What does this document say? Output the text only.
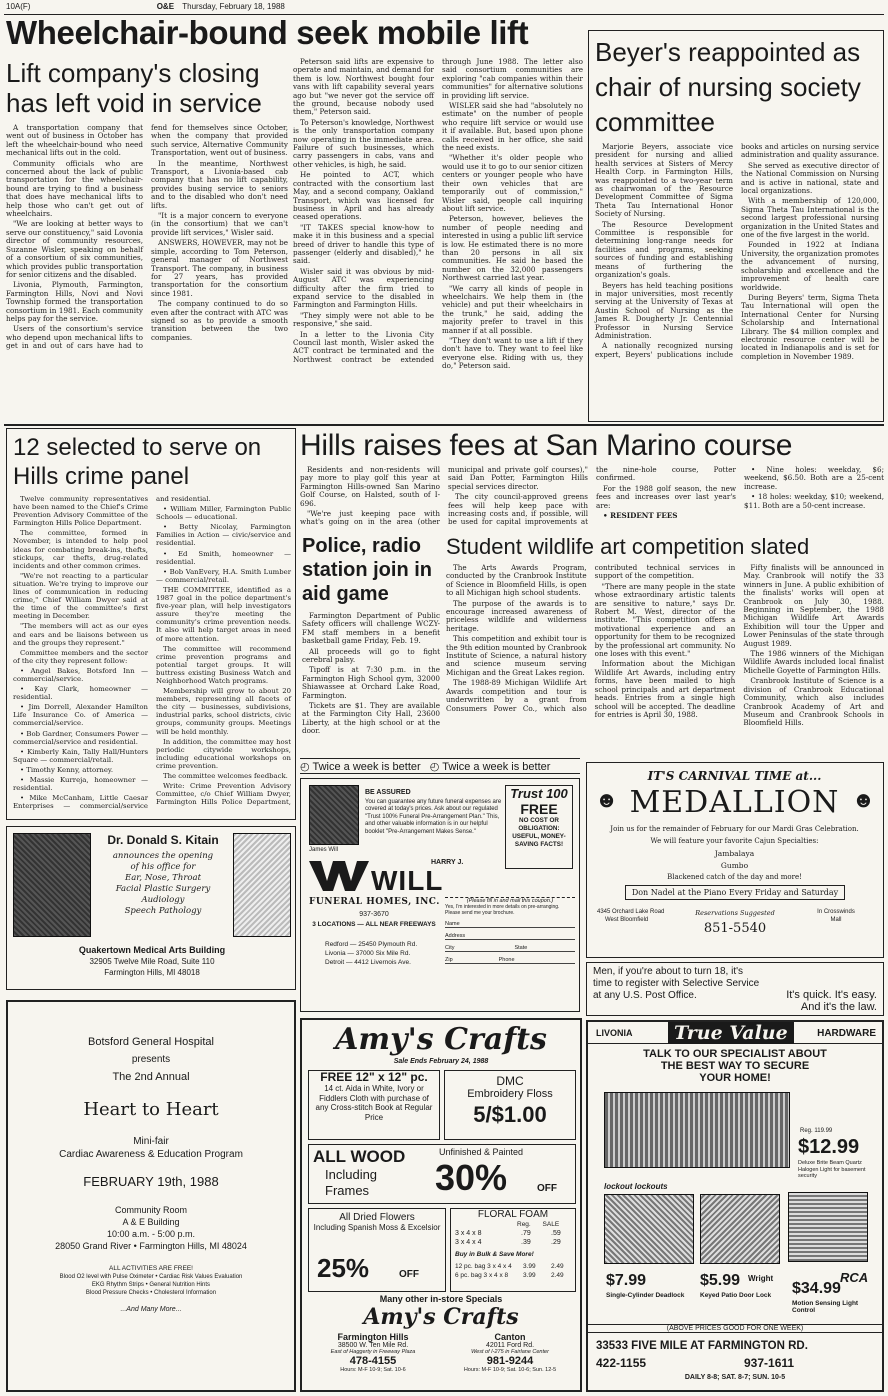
10A(F)	O&E Thursday, February 18, 1988
Wheelchair-bound seek mobile lift
Lift company's closing has left void in service

A transportation company that went out of business in October has left the wheelchair-bound who need mechanical lifts out in the cold.

Community officials who are concerned about the lack of public transportation for the wheelchair-bound are trying to find a business that does have mechanical lifts to help those who can't get out of wheelchairs.

"We are looking at better ways to serve our constituency," said Lovonia director of community resources, Suzanne Wisler, speaking on behalf of a consortium of six communities, which provides public transportation for senior citizens and the disabled.

Livonia, Plymouth, Farmington, Farmington Hills, Novi and Novi Township formed the transportation consortium in 1981. Each community helps pay for the service.

Users of the consortium's service who depend upon mechanical lifts to get in and out of cars have had to fend for themselves since October, when the company that provided such service, Alternative Community Transportation, went out of business.

In the meantime, Northwest Transport, a Livonia-based cab company that has no lift capability, provides busing service to seniors and to the disabled who don't need lifts.

"It is a major concern to everyone (in the consortium) that we can't provide lift services," Wisler said.

ANSWERS, HOWEVER, may not be simple, according to Tom Peterson, general manager of Northwest Transport. The company, in business for 27 years, has provided transportation for the consortium since 1981.

The company continued to do so even after the contract with ATC was signed so as to provide a smooth transition between the two companies.

Peterson said lifts are expensive to operate and maintain, and demand for them is low. Northwest bought four vans with lift capability several years ago but "we never got the service off the ground, because nobody used them," Peterson said.

To Peterson's knowledge, Northwest is the only transportation company now operating in the immediate area. Failure of such businesses, which carry passengers in cabs, vans and other vehicles, is high, he said.

He pointed to ACT, which contracted with the consortium last May, and a second company, Oakland Transport, which was licensed for business in April and has already ceased operations.

"IT TAKES special know-how to make it in this business and a special breed of driver to handle this type of passenger (elderly and disabled)," he said.

Wisler said it was obvious by mid-August ATC was experiencing difficulty after the firm tried to expand service to the disabled in Farmington and Farmington Hills.

"They simply were not able to be responsive," she said.

In a letter to the Livonia City Council last month, Wisler asked the ACT contract be terminated and the Northwest contract be extended through June 1988. The letter also said consortium communities are exploring "cab companies within their communities" for alternative solutions in providing lift service.

WISLER said she had "absolutely no estimate" on the number of people who require lift service or would use it if available. But, based upon phone calls received in her office, she said the need exists.

"Whether it's older people who would use it to go to our senior citizen centers or younger people who have their own vehicles that are temporarily out of commission," Wisler said, people call inquiring about lift service.

Peterson, however, believes the number of people needing and interested in using a public lift service is low. He estimated there is no more than 20 persons in all six communities. He said he based the number on the 32,000 passengers Northwest carried last year.

"We carry all kinds of people in wheelchairs. We help them in (the vehicle) and put their wheelchairs in the trunk," he said, adding the majority prefer to travel in this manner if at all possible.

"They don't want to use a lift if they don't have to. They want to feel like everyone else. Riding with us, they do," Peterson said.

Beyer's reappointed as chair of nursing society committee

Marjorie Beyers, associate vice president for nursing and allied health services at Sisters of Mercy Health Corp. in Farmington Hills, was reappointed to a two-year term as chairwoman of the Resource Development Committee of Sigma Theta Tau International Honor Society of Nursing.

The Resource Development Committee is responsible for determining long-range needs for facilities and programs, seeking sources of funding and establishing means of furthering the organization's goals.

Beyers has held teaching positions in major universities, most recently serving at the University of Texas at Austin School of Nursing as the James R. Dougherty Jr. Centennial Professor in Nursing Service Administration.

A nationally recognized nursing expert, Beyers' publications include books and articles on nursing service administration and quality assurance.

She served as executive director of the National Commission on Nursing and is active in national, state and local organizations.

With a membership of 120,000, Sigma Theta Tau International is the second largest professional nursing organization in the United States and one of the five largest in the world.

Founded in 1922 at Indiana University, the organization promotes the advancement of nursing, scholarship and excellence and the improvement of health care worldwide.

During Beyers' term, Sigma Theta Tau International will open the International Center for Nursing Scholarship and International Library. The $4 million complex and electronic resource center will be located in Indianapolis and is set for completion in November 1989.

12 selected to serve on Hills crime panel

Twelve community representatives have been named to the Chief's Crime Prevention Advisory Committee of the Farmington Hills Police Department.

The committee, formed in November, is intended to help pool ideas for combating break-ins, thefts, stickups, car thefts, drug-related incidents and other common crimes.

"We're not reacting to a particular situation. We're trying to improve our lines of communication in reducing crime," Chief William Dwyer said at the time of the committee's first meeting in December.

"The members will act as our eyes and ears and be liaisons between us and the groups they represent."

Committee members and the sector of the city they represent follow:

• Angel Bakes, Botsford Inn — commercial/service.

• Kay Clark, homeowner — residential.

• Jim Dorrell, Alexander Hamilton Life Insurance Co. of America — commercial/service.

• Bob Gardner, Consumers Power — commercial/service and residential.

• Kimberly Kain, Tally Hall/Hunters Square — commercial/retail.

• Timothy Kenny, attorney.

• Massie Kurreja, homeowner — residential.

• Mike McCanham, Little Caesar Enterprises — commercial/service and residential.

• William Miller, Farmington Public Schools — educational.

• Betty Nicolay, Farmington Families in Action — civic/service and residential.

• Ed Smith, homeowner — residential.

• Bob VanEvery, H.A. Smith Lumber — commercial/retail.

THE COMMITTEE, identified as a 1987 goal in the police department's five-year plan, will help investigators assure they're meeting the community's crime prevention needs. It also will help target areas in need of more attention.

The committee will recommend crime prevention programs and potential target groups. It will buttress existing Business Watch and Neighborhood Watch programs.

Membership will grow to about 20 members, representing all facets of the city — businesses, subdivisions, industrial parks, school districts, civic groups, community groups. Meetings will be held monthly.

In addition, the committee may host periodic citywide workshops, including educational workshops on crime prevention.

The committee welcomes feedback.

Write: Crime Prevention Advisory Committee, c/o Chief William Dwyer, Farmington Hills Police Department,

Hills raises fees at San Marino course

Residents and non-residents will pay more to play golf this year at Farmington Hills-owned San Marino Golf Course, on Halsted, south of I-696.

"We're just keeping pace with what's going on in the area (other municipal and private golf courses)," said Dan Potter, Farmington Hills special services director.

The city council-approved greens fees will help keep pace with increasing costs and, if possible, will be used for capital improvements at the nine-hole course, Potter confirmed.

For the 1988 golf season, the new fees and increases over last year's are:

• RESIDENT FEES

• Nine holes: weekday, $6; weekend, $6.50. Both are a 25-cent increase.

• 18 holes: weekday, $10; weekend, $11. Both are a 50-cent increase.

Police, radio station join in aid game

Farmington Department of Public Safety officers will challenge WCZY-FM staff members in a benefit basketball game Friday, Feb. 19.

All proceeds will go to fight cerebral palsy.

Tipoff is at 7:30 p.m. in the Farmington High School gym, 32000 Shiawassee at Orchard Lake Road, Farmington.

Tickets are $1. They are available at the Farmington City Hall, 23600 Liberty, at the high school or at the door.

Student wildlife art competition slated

The Arts Awards Program, conducted by the Cranbrook Institute of Science in Bloomfield Hills, is open to all Michigan high school students.

The purpose of the awards is to encourage increased awareness of priceless wildlife and wilderness heritage.

This competition and exhibit tour is the 9th edition mounted by Cranbrook Institute of Science, a natural history and science museum serving Michigan and the Great Lakes region.

The 1988-89 Michigan Wildlife Art Awards competition and tour is underwritten by a grant from Consumers Power Co., which also contributed technical services in support of the competition.

"There are many people in the state whose extraordinary artistic talents are sensitive to nature," says Dr. Robert M. West, director of the institute. "This competition offers a motivational experience and an opportunity for them to be recognized by the professional art community. No one loses with this event."

Information about the Michigan Wildlife Art Awards, including entry forms, have been mailed to high school principals and art department heads. Entries from a single high school will be accepted. The deadline for entries is April 30, 1988.

Fifty finalists will be announced in May. Cranbrook will notify the 33 winners in June. A public exhibition of the finalists' works will open at Cranbrook on July 30, 1988. Beginning in September, the 1988 Michigan Wildlife Art Awards Exhibition will tour the Upper and Lower Peninsulas of the state through August 1989.

The 1986 winners of the Michigan Wildlife Awards included local finalist Michelle Goyette of Farmington Hills.

Cranbrook Institute of Science is a division of Cranbrook Educational Community, which also includes Cranbrook Academy of Art and Museum and Cranbrook Schools in Bloomfield Hills.

◴ Twice a week is better ◴ Twice a week is better
James Will
BE ASSURED
You can guarantee any future funeral expenses are covered at today's prices. Ask about our regulated "Trust 100% Funeral Pre-Arrangement Plan." This, and other valuable information is in our helpful booklet "Pre-Arrangement Makes Sense."
Trust 100
FREE
NO COST OR OBLIGATION: USEFUL, MONEY-SAVING FACTS!
HARRY J.
WILL
FUNERAL HOMES, INC.
937-3670
3 LOCATIONS — ALL NEAR FREEWAYS
Redford — 25450 Plymouth Rd.
Livonia — 37000 Six Mile Rd.
Detroit — 4412 Livernois Ave.
(Please fill in and mail this coupon.)
Yes, I'm interested in more details on pre-arranging. Please send me your brochure.
Name
Address
City	State
Zip	Phone
Dr. Donald S. Kitain
announces the opening
of his office for
Ear, Nose, Throat
Facial Plastic Surgery
Audiology
Speech Pathology
Quakertown Medical Arts Building
32905 Twelve Mile Road, Suite 110
Farmington Hills, MI 48018
Botsford General Hospital
presents
The 2nd Annual
Heart to Heart
Mini-fair
Cardiac Awareness & Education Program
FEBRUARY 19th, 1988
Community Room
A & E Building
10:00 a.m. - 5:00 p.m.
28050 Grand River • Farmington Hills, MI 48024
ALL ACTIVITIES ARE FREE!
Blood O2 level with Pulse Oximeter • Cardiac Risk Values Evaluation
EKG Rhythm Strips • General Nutrition Hints
Blood Pressure Checks • Cholesterol Information
...And Many More...
IT'S CARNIVAL TIME at...
MEDALLION
☻	☻
Join us for the remainder of February for our Mardi Gras Celebration.
We will feature your favorite Cajun Specialties:
Jambalaya
Gumbo
Blackened catch of the day and more!
Don Nadel at the Piano Every Friday and Saturday
4345 Orchard Lake Road
West Bloomfield
Reservations Suggested
851-5540
In Crosswinds
Mall
Men, if you're about to turn 18, it's
time to register with Selective Service
at any U.S. Post Office.	It's quick. It's easy.
And it's the law.
Amy's Crafts
Sale Ends February 24, 1988
FREE 12" x 12" pc.
14 ct. Aida in White, Ivory or Fiddlers Cloth with purchase of any Cross-stitch Book at Regular Price
DMC
Embroidery Floss
5/$1.00
ALL WOOD
Including
Frames
Unfinished & Painted
30%	OFF
All Dried Flowers
Including Spanish Moss & Excelsior
25%	OFF
FLORAL FOAM
Reg. SALE
3 x 4 x 8	.79	.59
3 x 4 x 4	.39	.29
Buy in Bulk & Save More!
12 pc. bag 3 x 4 x 4 3.99 2.49
6 pc. bag 3 x 4 x 8 3.99 2.49
Many other in-store Specials
Amy's Crafts
Farmington Hills
38500 W. Ten Mile Rd.
East of Haggerty in Freeway Plaza
478-4155
Hours: M-F 10-9; Sat. 10-6
Canton
42011 Ford Rd.
West of I-275 in Fairlane Center
981-9244
Hours: M-F 10-9; Sat. 10-6; Sun. 12-5
LIVONIA	True Value	HARDWARE
TALK TO OUR SPECIALIST ABOUT
THE BEST WAY TO SECURE
YOUR HOME!
$12.99
Reg. 119.99
Deluxe Brite Beam Quartz Halogen Light for basement security
lockout lockouts
$7.99
Single-Cylinder Deadlock
$5.99 Wright
Keyed Patio Door Lock
RCA
$34.99
Motion Sensing Light Control
(ABOVE PRICES GOOD FOR ONE WEEK)
33533 FIVE MILE AT FARMINGTON RD.
422-1155	937-1611
DAILY 8-8; SAT. 8-7; SUN. 10-5
